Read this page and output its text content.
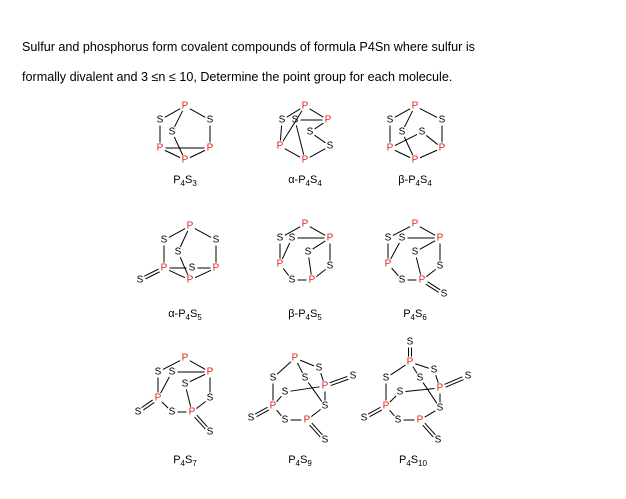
Sulfur and phosphorus form covalent compounds of formula P4Sn where sulfur is

formally divalent and 3 ≤n ≤ 10, Determine the point group for each molecule.

P
S
S
S
P	P
P
$P_4S_3$
P
S S	P
S
P	S
P
$\alpha-P_4S_4$
P
S	S
S S
P	P
P
$\beta-P_4S_4$
P
S	S
S
P S P
P
S
$\alpha-P_4S_5$
P
S S	P
S
P	S
S P
$\beta-P_4S_5$
P
S S	P
S
P	S
S P
S
$P_4S_6$
P
S S	P
S
P	S
S P
S
S
$P_4S_7$
P
S
S	S
P
S
S
P	S
S P
S
S
$P_4S_9$
S
P
S
S	S
P
S
S
P	S
S P
S
S
$P_4S_{10}$
